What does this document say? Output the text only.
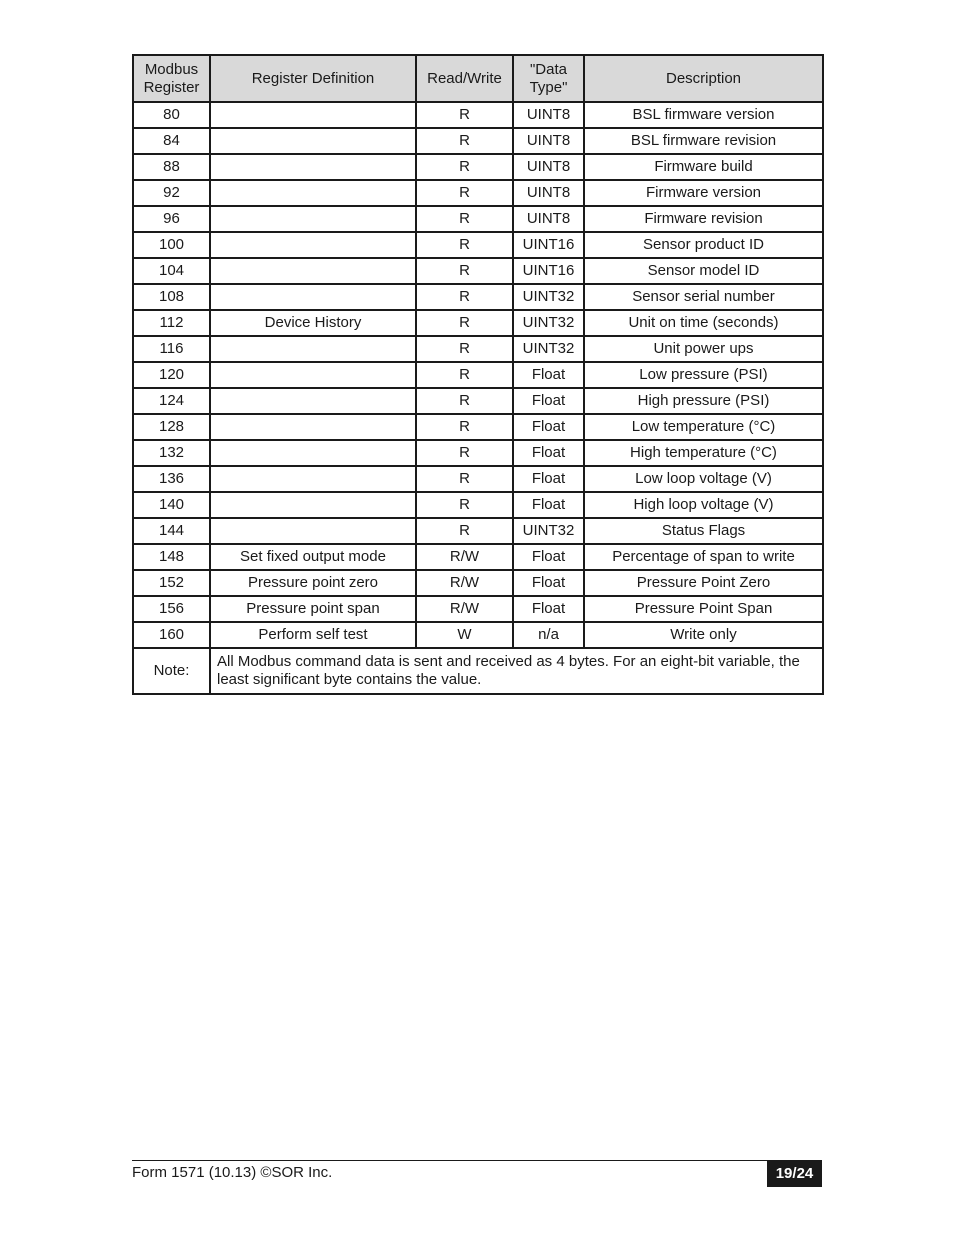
Modbus Register	Register Definition	Read/Write	"Data Type"	Description
80		R	UINT8	BSL firmware version
84		R	UINT8	BSL firmware revision
88		R	UINT8	Firmware build
92		R	UINT8	Firmware version
96		R	UINT8	Firmware revision
100		R	UINT16	Sensor product ID
104		R	UINT16	Sensor model ID
108		R	UINT32	Sensor serial number
112	Device History	R	UINT32	Unit on time (seconds)
116		R	UINT32	Unit power ups
120		R	Float	Low pressure (PSI)
124		R	Float	High pressure (PSI)
128		R	Float	Low temperature (°C)
132		R	Float	High temperature (°C)
136		R	Float	Low loop voltage (V)
140		R	Float	High loop voltage (V)
144		R	UINT32	Status Flags
148	Set fixed output mode	R/W	Float	Percentage of span to write
152	Pressure point zero	R/W	Float	Pressure Point Zero
156	Pressure point span	R/W	Float	Pressure Point Span
160	Perform self test	W	n/a	Write only
Note:	All Modbus command data is sent and received as 4 bytes. For an eight-bit variable, the least significant byte contains the value.			
Form 1571 (10.13) ©SOR Inc.	19/24
